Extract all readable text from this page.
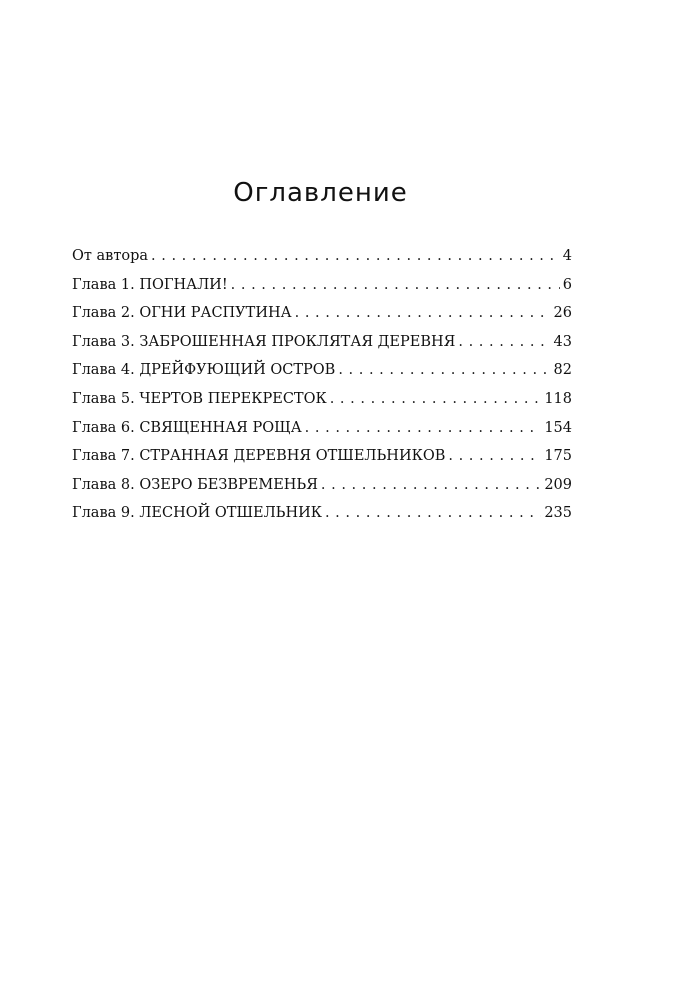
Оглавление
От автора . . .	4
Глава 1. ПОГНАЛИ! . . .	6
Глава 2. ОГНИ РАСПУТИНА . . .	26
Глава 3. ЗАБРОШЕННАЯ ПРОКЛЯТАЯ ДЕРЕВНЯ . . .	43
Глава 4. ДРЕЙФУЮЩИЙ ОСТРОВ . . .	82
Глава 5. ЧЕРТОВ ПЕРЕКРЕСТОК . . .	118
Глава 6. СВЯЩЕННАЯ РОЩА . . .	154
Глава 7. СТРАННАЯ ДЕРЕВНЯ ОТШЕЛЬНИКОВ . . .	175
Глава 8. ОЗЕРО БЕЗВРЕМЕНЬЯ . . .	209
Глава 9. ЛЕСНОЙ ОТШЕЛЬНИК . . .	235
